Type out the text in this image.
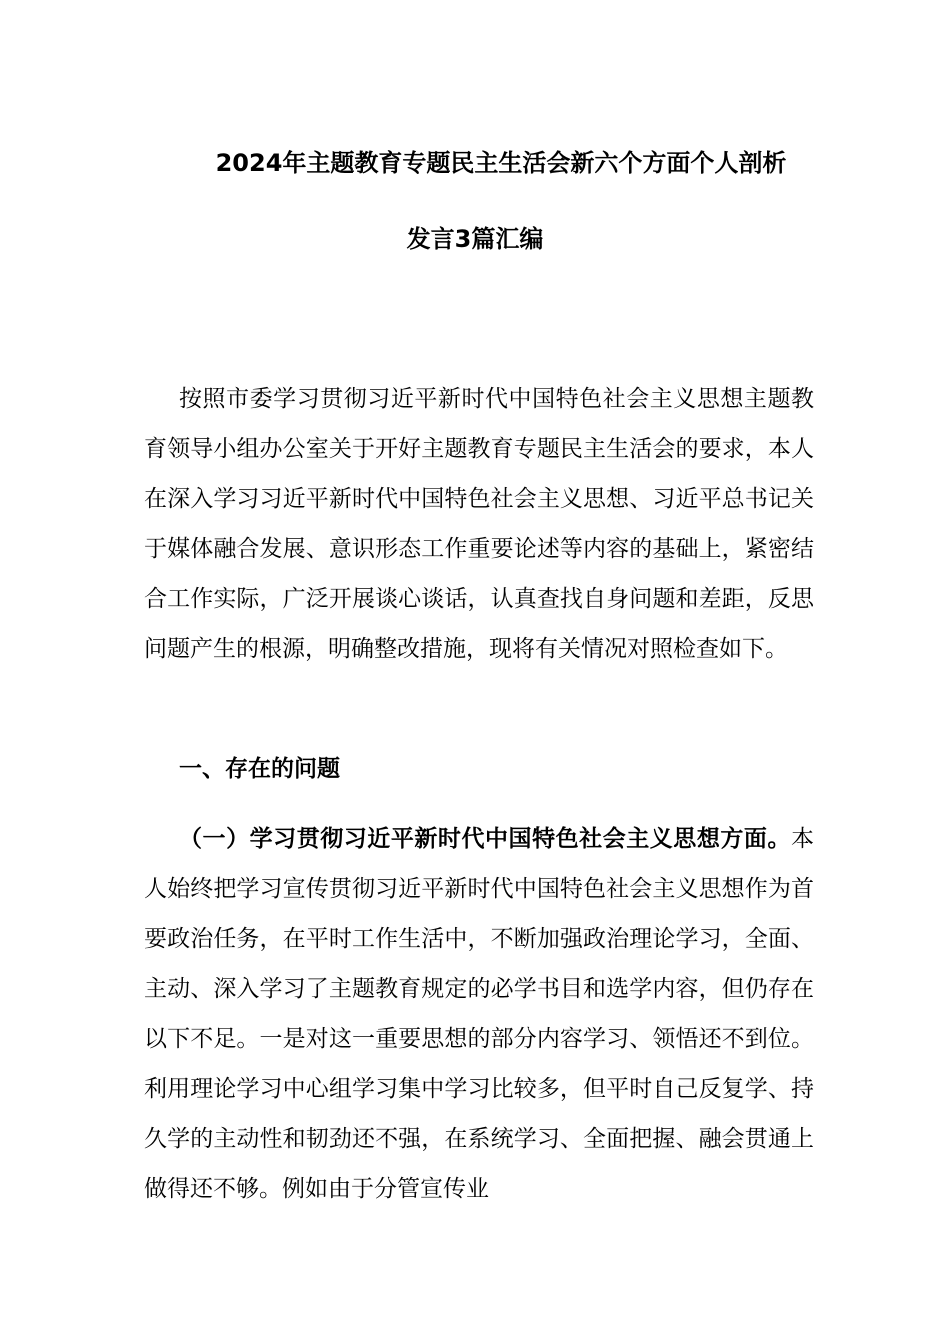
2024年主题教育专题民主生活会新六个方面个人剖析
发言3篇汇编

按照市委学习贯彻习近平新时代中国特色社会主义思想主题教育领导小组办公室关于开好主题教育专题民主生活会的要求，本人在深入学习习近平新时代中国特色社会主义思想、习近平总书记关于媒体融合发展、意识形态工作重要论述等内容的基础上，紧密结合工作实际，广泛开展谈心谈话，认真查找自身问题和差距，反思问题产生的根源，明确整改措施，现将有关情况对照检查如下。

一、存在的问题

（一）学习贯彻习近平新时代中国特色社会主义思想方面。本人始终把学习宣传贯彻习近平新时代中国特色社会主义思想作为首要政治任务，在平时工作生活中，不断加强政治理论学习，全面、主动、深入学习了主题教育规定的必学书目和选学内容，但仍存在以下不足。一是对这一重要思想的部分内容学习、领悟还不到位。利用理论学习中心组学习集中学习比较多，但平时自己反复学、持久学的主动性和韧劲还不强，在系统学习、全面把握、融会贯通上做得还不够。例如由于分管宣传业
